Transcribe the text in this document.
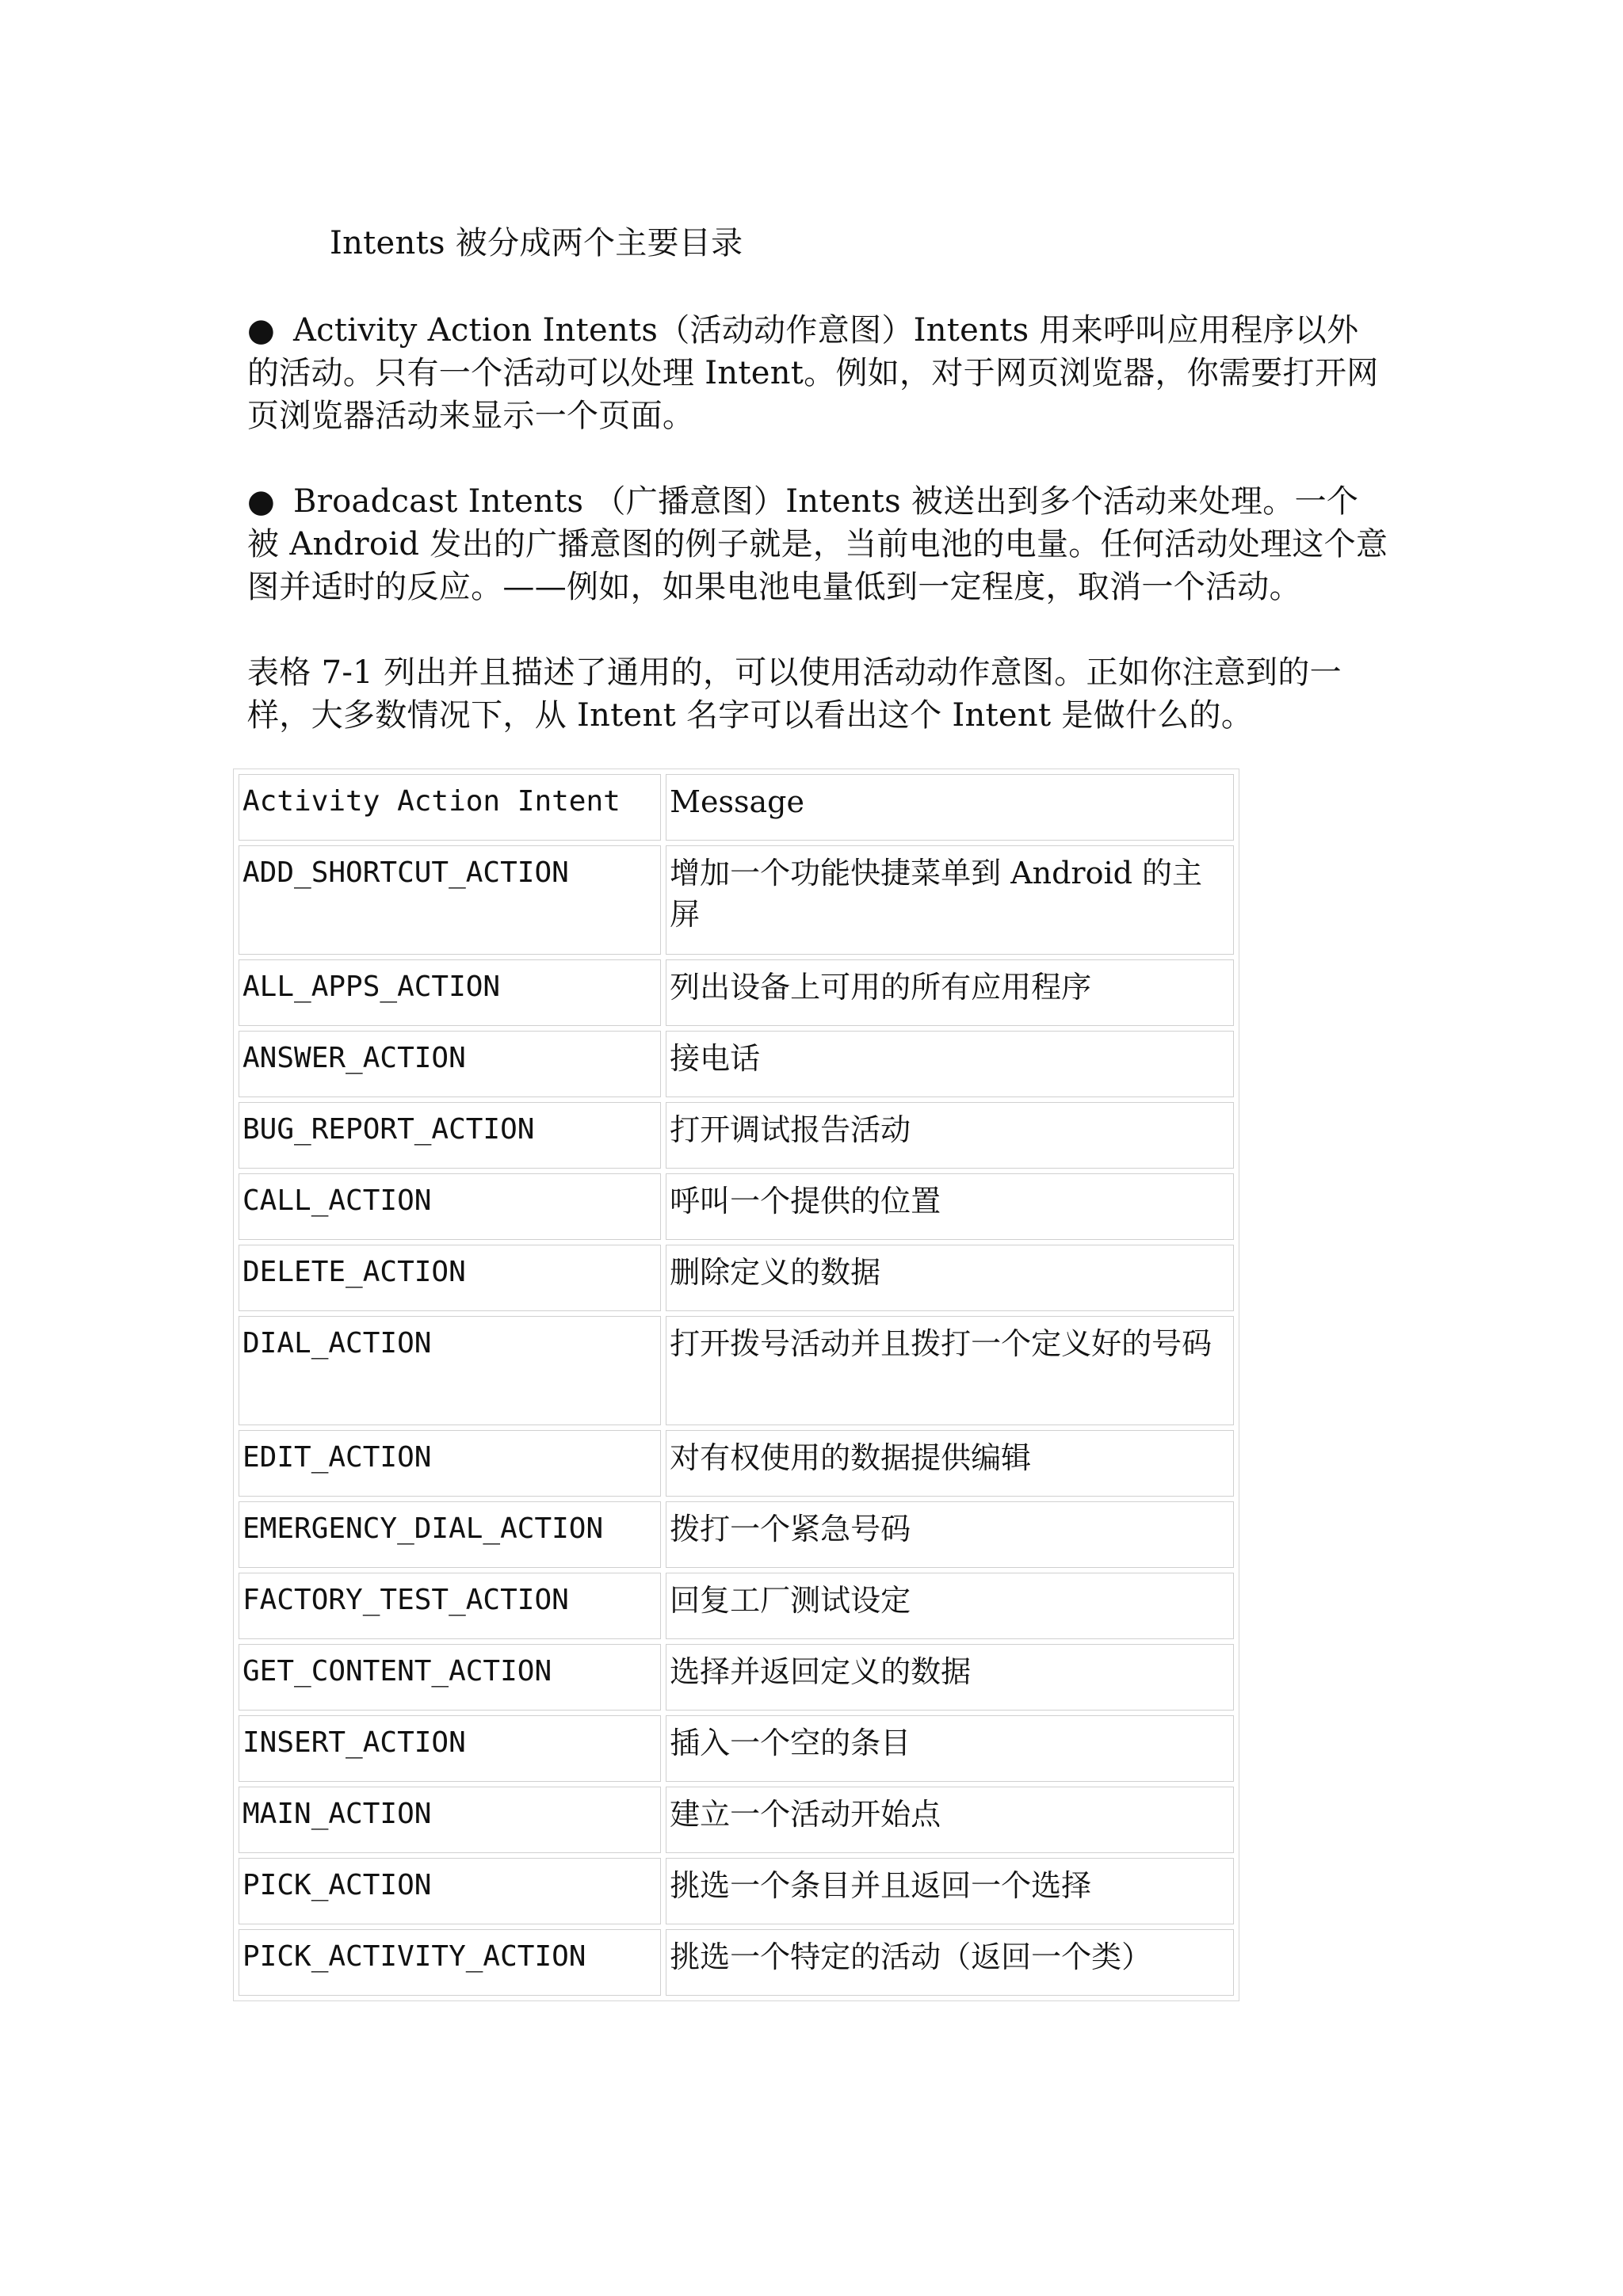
Intents 被分成两个主要目录

● Activity Action Intents（活动动作意图）Intents 用来呼叫应用程序以外的活动。只有一个活动可以处理 Intent。例如，对于网页浏览器，你需要打开网页浏览器活动来显示一个页面。

● Broadcast Intents （广播意图）Intents 被送出到多个活动来处理。一个被 Android 发出的广播意图的例子就是，当前电池的电量。任何活动处理这个意图并适时的反应。——例如，如果电池电量低到一定程度，取消一个活动。

表格 7-1 列出并且描述了通用的，可以使用活动动作意图。正如你注意到的一样，大多数情况下，从 Intent 名字可以看出这个 Intent 是做什么的。

Activity Action Intent	Message
ADD_SHORTCUT_ACTION	增加一个功能快捷菜单到 Android 的主屏
ALL_APPS_ACTION	列出设备上可用的所有应用程序
ANSWER_ACTION	接电话
BUG_REPORT_ACTION	打开调试报告活动
CALL_ACTION	呼叫一个提供的位置
DELETE_ACTION	删除定义的数据
DIAL_ACTION	打开拨号活动并且拨打一个定义好的号码
EDIT_ACTION	对有权使用的数据提供编辑
EMERGENCY_DIAL_ACTION	拨打一个紧急号码
FACTORY_TEST_ACTION	回复工厂测试设定
GET_CONTENT_ACTION	选择并返回定义的数据
INSERT_ACTION	插入一个空的条目
MAIN_ACTION	建立一个活动开始点
PICK_ACTION	挑选一个条目并且返回一个选择
PICK_ACTIVITY_ACTION	挑选一个特定的活动（返回一个类）
